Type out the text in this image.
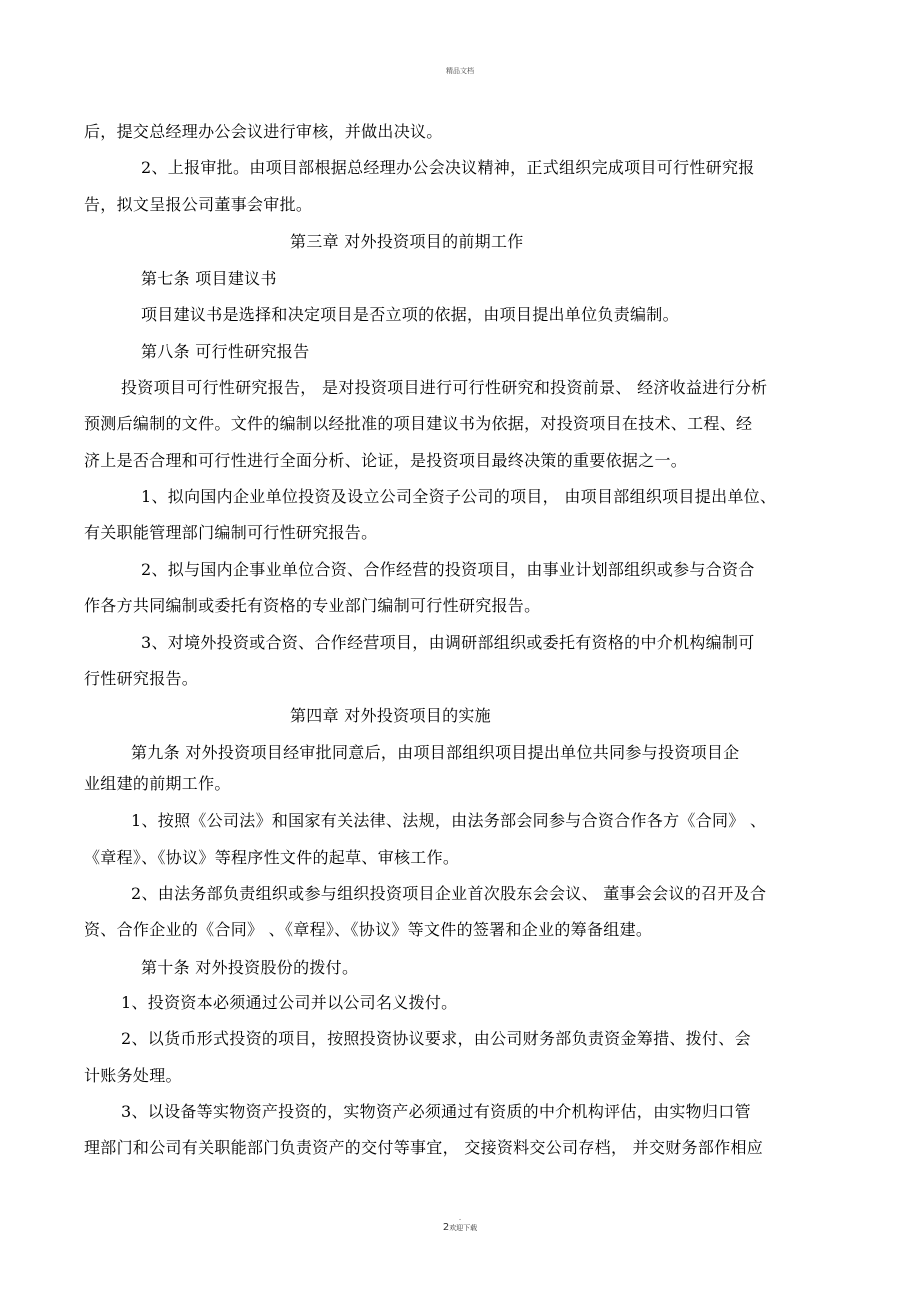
精品文档
后，提交总经理办公会议进行审核，并做出决议。
2、上报审批。由项目部根据总经理办公会决议精神，正式组织完成项目可行性研究报
告，拟文呈报公司董事会审批。
第三章 对外投资项目的前期工作
第七条 项目建议书
项目建议书是选择和决定项目是否立项的依据，由项目提出单位负责编制。
第八条 可行性研究报告
投资项目可行性研究报告， 是对投资项目进行可行性研究和投资前景、 经济收益进行分析
预测后编制的文件。文件的编制以经批准的项目建议书为依据，对投资项目在技术、工程、经
济上是否合理和可行性进行全面分析、论证，是投资项目最终决策的重要依据之一。
1、拟向国内企业单位投资及设立公司全资子公司的项目， 由项目部组织项目提出单位、
有关职能管理部门编制可行性研究报告。
2、拟与国内企事业单位合资、合作经营的投资项目，由事业计划部组织或参与合资合
作各方共同编制或委托有资格的专业部门编制可行性研究报告。
3、对境外投资或合资、合作经营项目，由调研部组织或委托有资格的中介机构编制可
行性研究报告。
第四章 对外投资项目的实施
第九条 对外投资项目经审批同意后，由项目部组织项目提出单位共同参与投资项目企
业组建的前期工作。
1、按照《公司法》和国家有关法律、法规，由法务部会同参与合资合作各方《合同》 、
《章程》、《协议》等程序性文件的起草、审核工作。
2、由法务部负责组织或参与组织投资项目企业首次股东会会议、 董事会会议的召开及合
资、合作企业的《合同》 、《章程》、《协议》等文件的签署和企业的筹备组建。
第十条 对外投资股份的拨付。
1、投资资本必须通过公司并以公司名义拨付。
2、以货币形式投资的项目，按照投资协议要求，由公司财务部负责资金筹措、拨付、会
计账务处理。
3、以设备等实物资产投资的，实物资产必须通过有资质的中介机构评估，由实物归口管
理部门和公司有关职能部门负责资产的交付等事宜， 交接资料交公司存档， 并交财务部作相应
.
2欢迎下载
